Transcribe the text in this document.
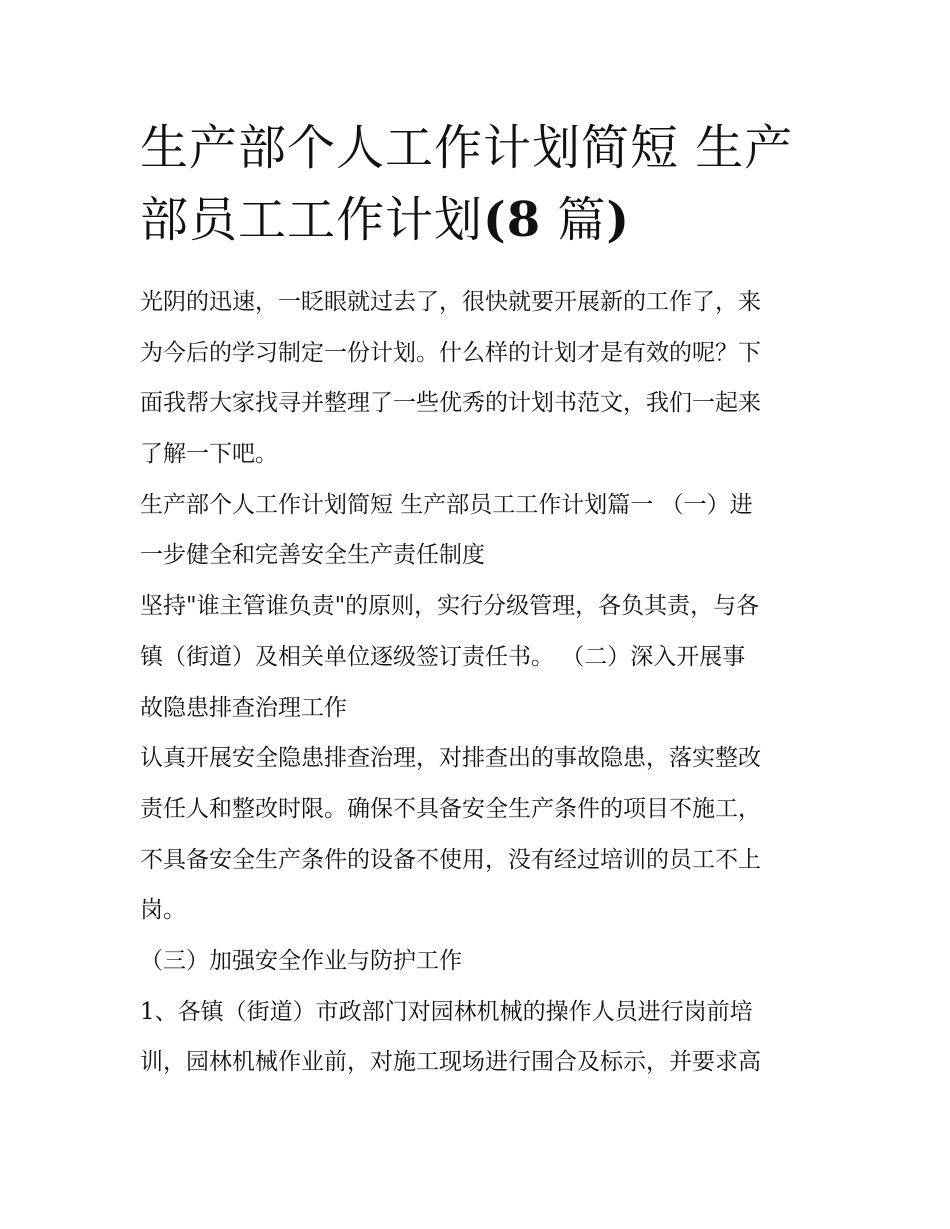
生产部个人工作计划简短 生产
部员工工作计划(8 篇)
光阴的迅速，一眨眼就过去了，很快就要开展新的工作了，来
为今后的学习制定一份计划。什么样的计划才是有效的呢？下
面我帮大家找寻并整理了一些优秀的计划书范文，我们一起来
了解一下吧。
生产部个人工作计划简短 生产部员工工作计划篇一 （一）进
一步健全和完善安全生产责任制度
坚持"谁主管谁负责"的原则，实行分级管理，各负其责，与各
镇（街道）及相关单位逐级签订责任书。 （二）深入开展事
故隐患排查治理工作
认真开展安全隐患排查治理，对排查出的事故隐患，落实整改
责任人和整改时限。确保不具备安全生产条件的项目不施工，
不具备安全生产条件的设备不使用，没有经过培训的员工不上
岗。
（三）加强安全作业与防护工作
1、各镇（街道）市政部门对园林机械的操作人员进行岗前培
训，园林机械作业前，对施工现场进行围合及标示，并要求高
